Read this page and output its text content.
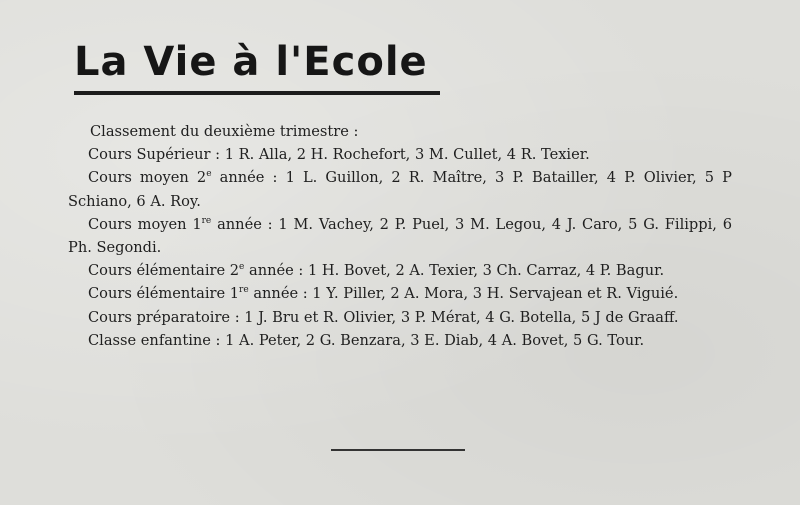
La Vie à l'Ecole

Classement du deuxième trimestre :

Cours Supérieur : 1 R. Alla, 2 H. Rochefort, 3 M. Cullet, 4 R. Texier.

Cours moyen 2e année : 1 L. Guillon, 2 R. Maître, 3 P. Batailler, 4 P. Olivier, 5 P Schiano, 6 A. Roy.

Cours moyen 1re année : 1 M. Vachey, 2 P. Puel, 3 M. Legou, 4 J. Caro, 5 G. Filippi, 6 Ph. Segondi.

Cours élémentaire 2e année : 1 H. Bovet, 2 A. Texier, 3 Ch. Carraz, 4 P. Bagur.

Cours élémentaire 1re année : 1 Y. Piller, 2 A. Mora, 3 H. Servajean et R. Viguié.

Cours préparatoire : 1 J. Bru et R. Olivier, 3 P. Mérat, 4 G. Botella, 5 J de Graaff.

Classe enfantine : 1 A. Peter, 2 G. Benzara, 3 E. Diab, 4 A. Bovet, 5 G. Tour.
